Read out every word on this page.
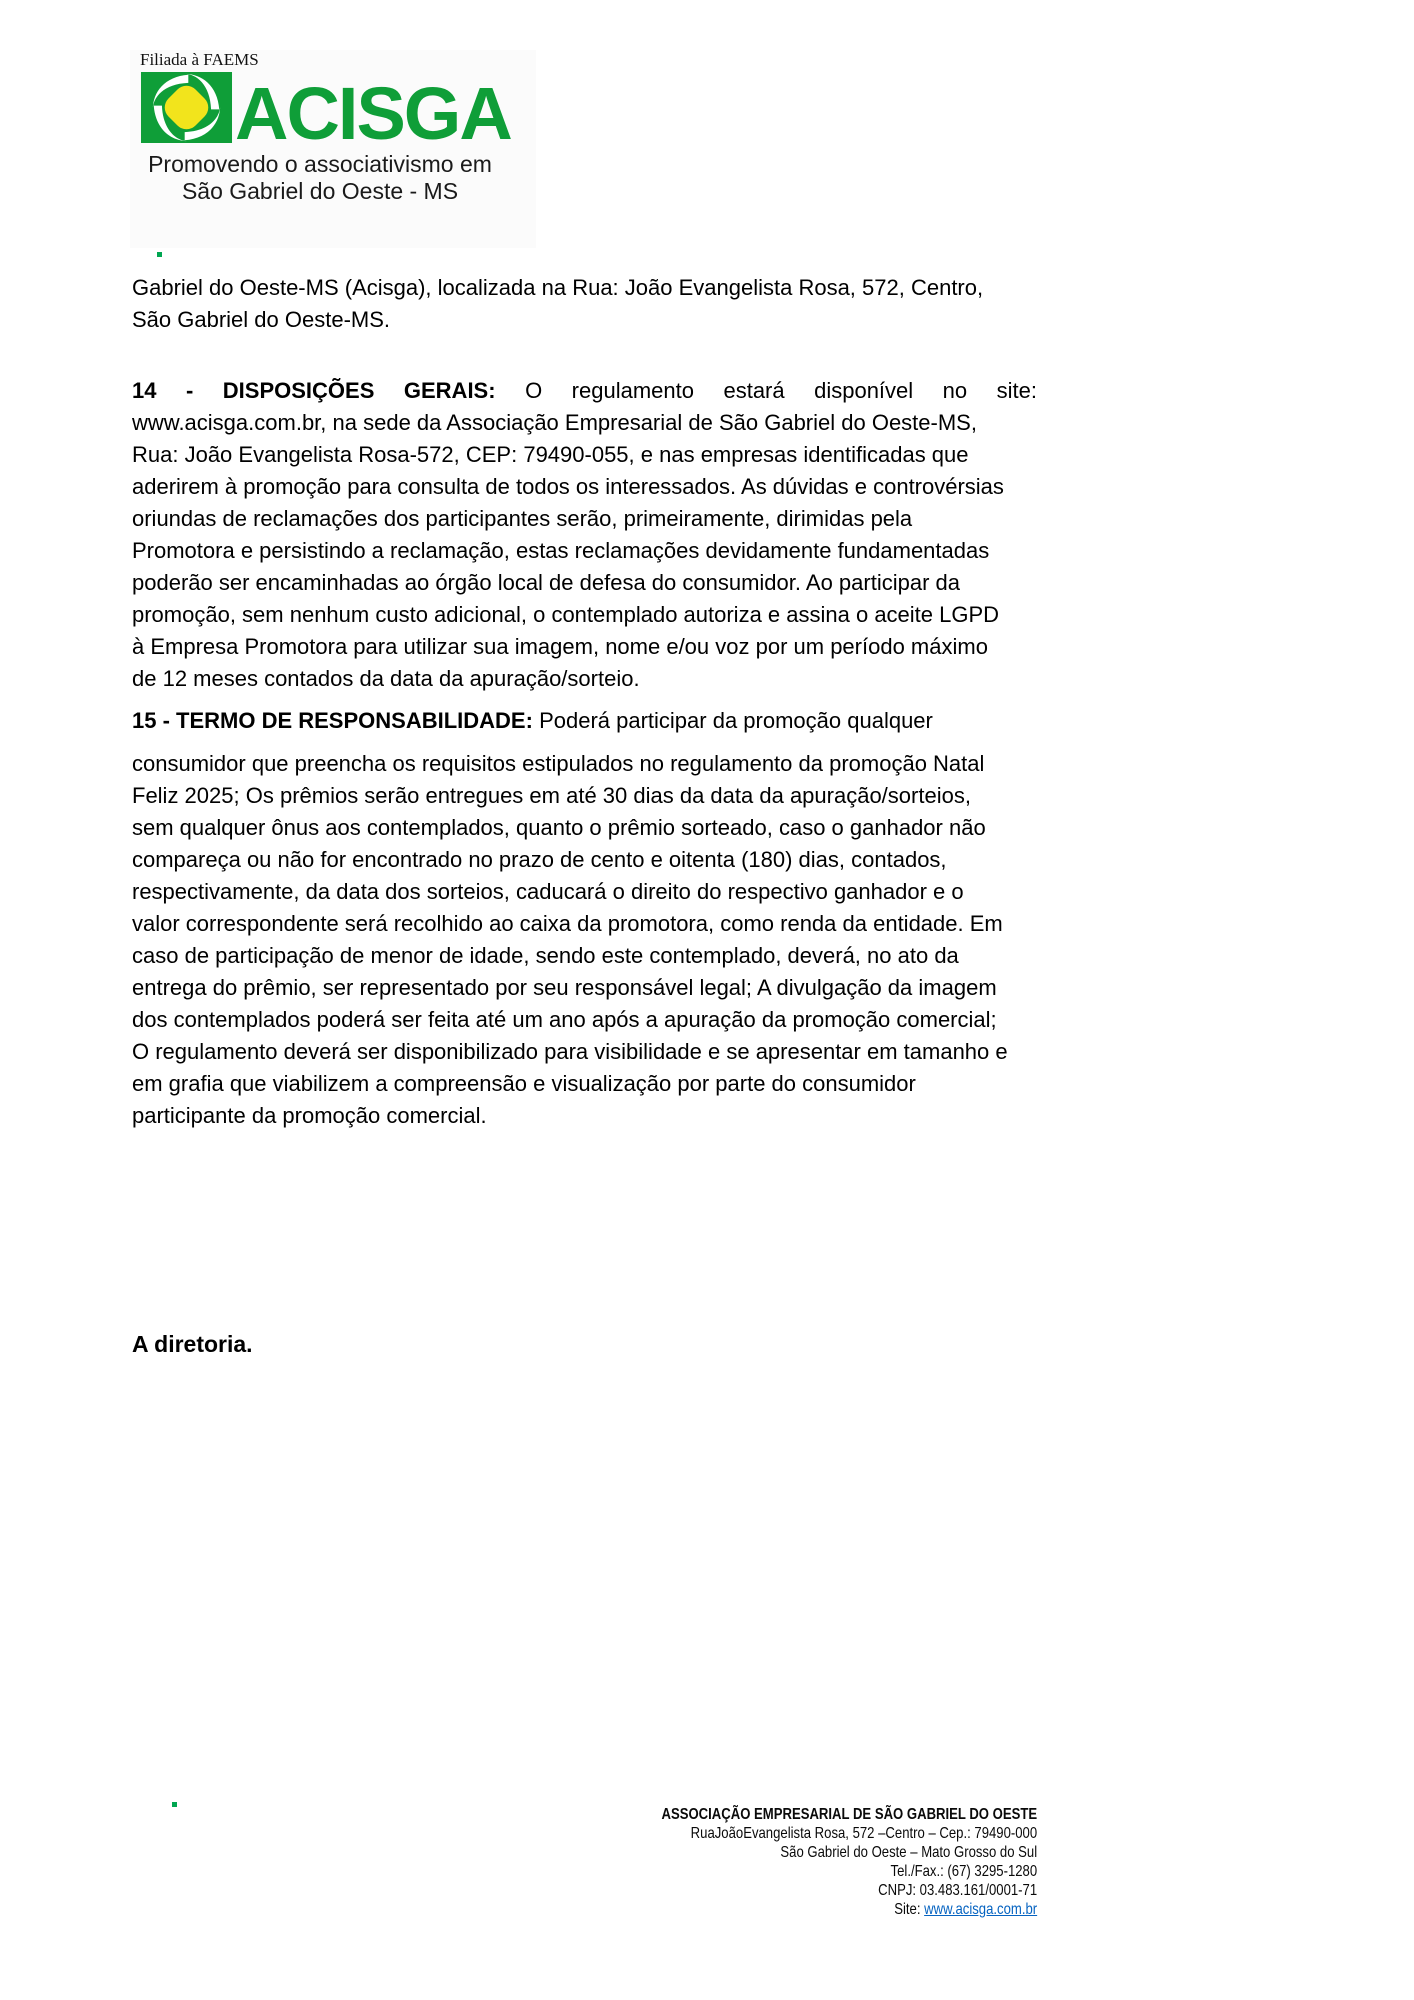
Filiada à FAEMS
ACISGA
Promovendo o associativismo em
São Gabriel do Oeste - MS
Gabriel do Oeste-MS (Acisga), localizada na Rua: João Evangelista Rosa, 572, Centro,
São Gabriel do Oeste-MS.
14 - DISPOSIÇÕES GERAIS: O regulamento estará disponível no site:
www.acisga.com.br, na sede da Associação Empresarial de São Gabriel do Oeste-MS,
Rua: João Evangelista Rosa-572, CEP: 79490-055, e nas empresas identificadas que
aderirem à promoção para consulta de todos os interessados. As dúvidas e controvérsias
oriundas de reclamações dos participantes serão, primeiramente, dirimidas pela
Promotora e persistindo a reclamação, estas reclamações devidamente fundamentadas
poderão ser encaminhadas ao órgão local de defesa do consumidor. Ao participar da
promoção, sem nenhum custo adicional, o contemplado autoriza e assina o aceite LGPD
à Empresa Promotora para utilizar sua imagem, nome e/ou voz por um período máximo
de 12 meses contados da data da apuração/sorteio.
15 - TERMO DE RESPONSABILIDADE: Poderá participar da promoção qualquer
consumidor que preencha os requisitos estipulados no regulamento da promoção Natal
Feliz 2025; Os prêmios serão entregues em até 30 dias da data da apuração/sorteios,
sem qualquer ônus aos contemplados, quanto o prêmio sorteado, caso o ganhador não
compareça ou não for encontrado no prazo de cento e oitenta (180) dias, contados,
respectivamente, da data dos sorteios, caducará o direito do respectivo ganhador e o
valor correspondente será recolhido ao caixa da promotora, como renda da entidade. Em
caso de participação de menor de idade, sendo este contemplado, deverá, no ato da
entrega do prêmio, ser representado por seu responsável legal; A divulgação da imagem
dos contemplados poderá ser feita até um ano após a apuração da promoção comercial;
O regulamento deverá ser disponibilizado para visibilidade e se apresentar em tamanho e
em grafia que viabilizem a compreensão e visualização por parte do consumidor
participante da promoção comercial.
A diretoria.
ASSOCIAÇÃO EMPRESARIAL DE SÃO GABRIEL DO OESTE
RuaJoãoEvangelista Rosa, 572 –Centro – Cep.: 79490-000
São Gabriel do Oeste – Mato Grosso do Sul
Tel./Fax.: (67) 3295-1280
CNPJ: 03.483.161/0001-71
Site: www.acisga.com.br
